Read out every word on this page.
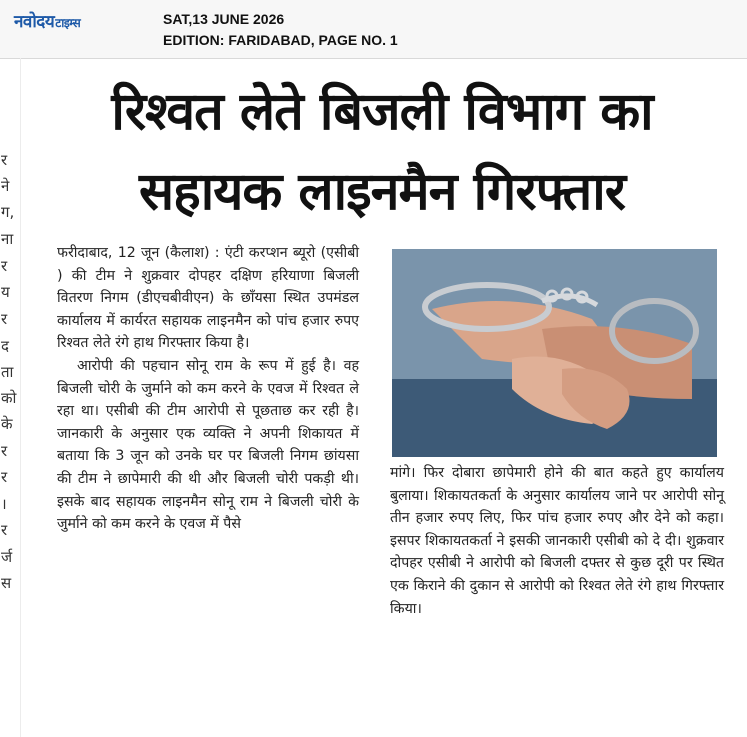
नवोदयटाइम्स	SAT,13 JUNE 2026
EDITION: FARIDABAD, PAGE NO. 1
र
ने
ग,
ना
र
य
र
द
ता
को
के
र
र
।
र
र्ज
स
रिश्वत लेते बिजली विभाग का
सहायक लाइनमैन गिरफ्तार

फरीदाबाद, 12 जून (कैलाश) : एंटी करप्शन ब्यूरो (एसीबी ) की टीम ने शुक्रवार दोपहर दक्षिण हरियाणा बिजली वितरण निगम (डीएचबीवीएन) के छाँयसा स्थित उपमंडल कार्यालय में कार्यरत सहायक लाइनमैन को पांच हजार रुपए रिश्वत लेते रंगे हाथ गिरफ्तार किया है।

आरोपी की पहचान सोनू राम के रूप में हुई है। वह बिजली चोरी के जुर्माने को कम करने के एवज में रिश्वत ले रहा था। एसीबी की टीम आरोपी से पूछताछ कर रही है। जानकारी के अनुसार एक व्यक्ति ने अपनी शिकायत में बताया कि 3 जून को उनके घर पर बिजली निगम छांयसा की टीम ने छापेमारी की थी और बिजली चोरी पकड़ी थी। इसके बाद सहायक लाइनमैन सोनू राम ने बिजली चोरी के जुर्माने को कम करने के एवज में पैसे

मांगे। फिर दोबारा छापेमारी होने की बात कहते हुए कार्यालय बुलाया। शिकायतकर्ता के अनुसार कार्यालय जाने पर आरोपी सोनू तीन हजार रुपए लिए, फिर पांच हजार रुपए और देने को कहा। इसपर शिकायतकर्ता ने इसकी जानकारी एसीबी को दे दी। शुक्रवार दोपहर एसीबी ने आरोपी को बिजली दफ्तर से कुछ दूरी पर स्थित एक किराने की दुकान से आरोपी को रिश्वत लेते रंगे हाथ गिरफ्तार किया।
